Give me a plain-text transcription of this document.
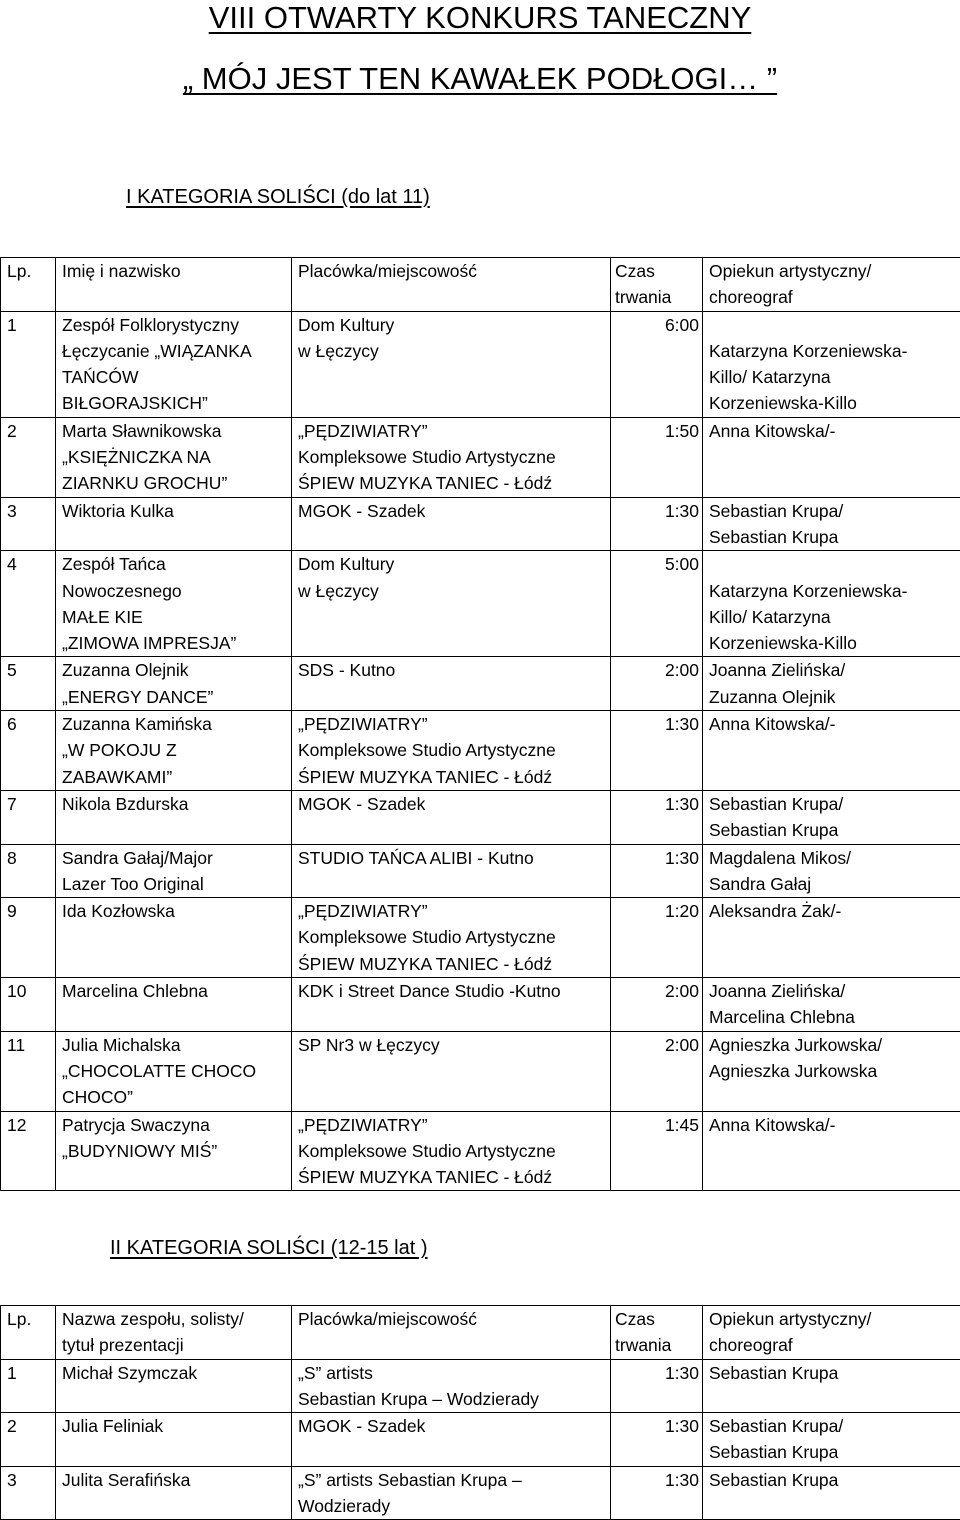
VIII OTWARTY KONKURS TANECZNY
„ MÓJ JEST TEN KAWAŁEK PODŁOGI… ”
I KATEGORIA SOLIŚCI (do lat 11)
Lp.	Imię i nazwisko	Placówka/miejscowość	Czas
trwania	Opiekun artystyczny/
choreograf

1	Zespół Folklorystyczny
Łęczycanie „WIĄZANKA
TAŃCÓW
BIŁGORAJSKICH”	Dom Kultury
w Łęczycy	6:00	Katarzyna Korzeniewska-
Killo/ Katarzyna
Korzeniewska-Killo

2	Marta Sławnikowska
„KSIĘŻNICZKA NA
ZIARNKU GROCHU”	„PĘDZIWIATRY”
Kompleksowe Studio Artystyczne
ŚPIEW MUZYKA TANIEC - Łódź	1:50	Anna Kitowska/-

3	Wiktoria Kulka	MGOK - Szadek	1:30	Sebastian Krupa/
Sebastian Krupa

4	Zespół Tańca
Nowoczesnego
MAŁE KIE
„ZIMOWA IMPRESJA”	Dom Kultury
w Łęczycy	5:00	Katarzyna Korzeniewska-
Killo/ Katarzyna
Korzeniewska-Killo

5	Zuzanna Olejnik
„ENERGY DANCE”	SDS - Kutno	2:00	Joanna Zielińska/
Zuzanna Olejnik

6	Zuzanna Kamińska
„W POKOJU Z
ZABAWKAMI”	„PĘDZIWIATRY”
Kompleksowe Studio Artystyczne
ŚPIEW MUZYKA TANIEC - Łódź	1:30	Anna Kitowska/-

7	Nikola Bzdurska	MGOK - Szadek	1:30	Sebastian Krupa/
Sebastian Krupa

8	Sandra Gałaj/Major
Lazer Too Original	STUDIO TAŃCA ALIBI - Kutno	1:30	Magdalena Mikos/
Sandra Gałaj

9	Ida Kozłowska	„PĘDZIWIATRY”
Kompleksowe Studio Artystyczne
ŚPIEW MUZYKA TANIEC - Łódź	1:20	Aleksandra Żak/-

10	Marcelina Chlebna	KDK i Street Dance Studio -Kutno	2:00	Joanna Zielińska/
Marcelina Chlebna

11	Julia Michalska
„CHOCOLATTE CHOCO
CHOCO”	SP Nr3 w Łęczycy	2:00	Agnieszka Jurkowska/
Agnieszka Jurkowska

12	Patrycja Swaczyna
„BUDYNIOWY MIŚ”	„PĘDZIWIATRY”
Kompleksowe Studio Artystyczne
ŚPIEW MUZYKA TANIEC - Łódź	1:45	Anna Kitowska/-
II KATEGORIA SOLIŚCI (12-15 lat )
Lp.	Nazwa zespołu, solisty/
tytuł prezentacji	Placówka/miejscowość	Czas
trwania	Opiekun artystyczny/
choreograf

1	Michał Szymczak	„S” artists
Sebastian Krupa – Wodzierady	1:30	Sebastian Krupa

2	Julia Feliniak	MGOK - Szadek	1:30	Sebastian Krupa/
Sebastian Krupa

3	Julita Serafińska	„S” artists Sebastian Krupa –
Wodzierady	1:30	Sebastian Krupa
